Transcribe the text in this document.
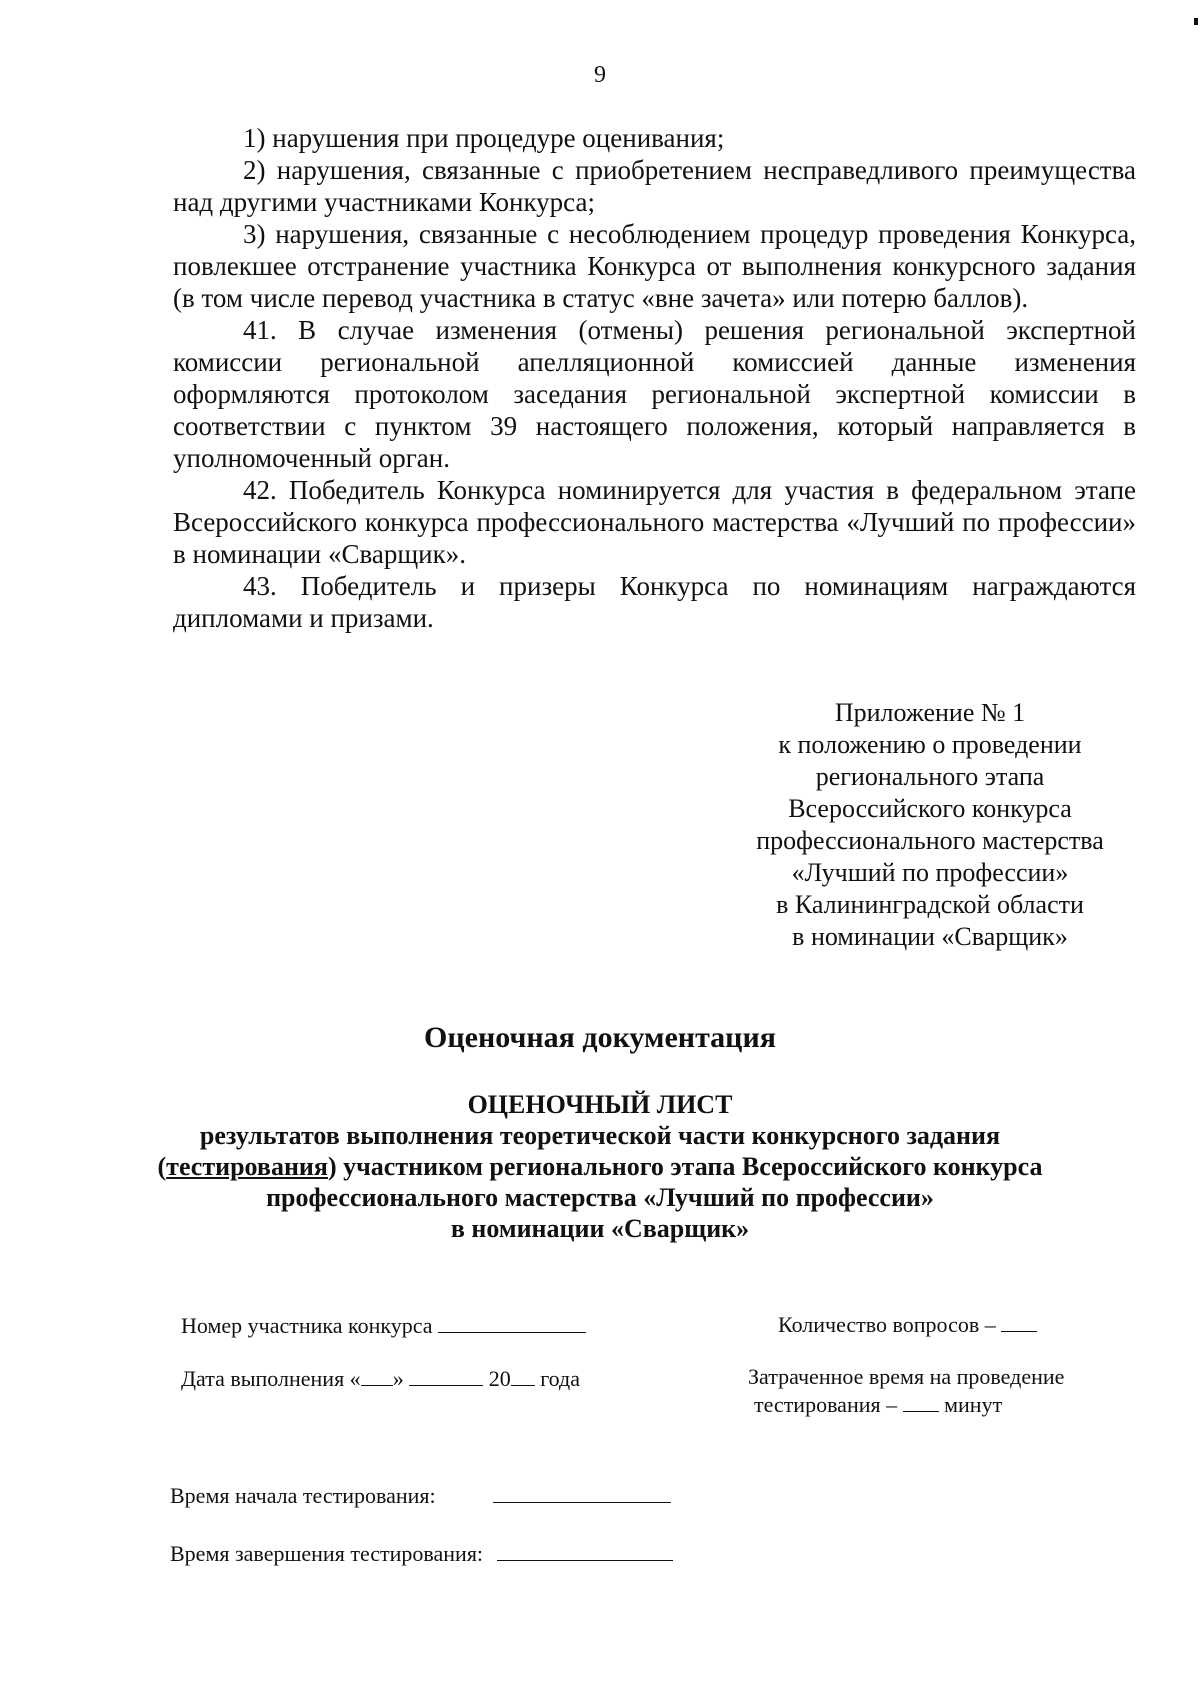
9

1) нарушения при процедуре оценивания;

2) нарушения, связанные с приобретением несправедливого преимущества над другими участниками Конкурса;

3) нарушения, связанные с несоблюдением процедур проведения Конкурса, повлекшее отстранение участника Конкурса от выполнения конкурсного задания (в том числе перевод участника в статус «вне зачета» или потерю баллов).

41. В случае изменения (отмены) решения региональной экспертной комиссии региональной апелляционной комиссией данные изменения оформляются протоколом заседания региональной экспертной комиссии в соответствии с пунктом 39 настоящего положения, который направляется в уполномоченный орган.

42. Победитель Конкурса номинируется для участия в федеральном этапе Всероссийского конкурса профессионального мастерства «Лучший по профессии» в номинации «Сварщик».

43. Победитель и призеры Конкурса по номинациям награждаются дипломами и призами.

Приложение № 1
к положению о проведении
регионального этапа
Всероссийского конкурса
профессионального мастерства
«Лучший по профессии»
в Калининградской области
в номинации «Сварщик»
Оценочная документация
ОЦЕНОЧНЫЙ ЛИСТ
результатов выполнения теоретической части конкурсного задания
(тестирования) участником регионального этапа Всероссийского конкурса
профессионального мастерства «Лучший по профессии»
в номинации «Сварщик»
Номер участника конкурса	Количество вопросов –
Дата выполнения « »	20 года	Затраченное время на проведение
тестирования – минут
Время начала тестирования:
Время завершения тестирования:
